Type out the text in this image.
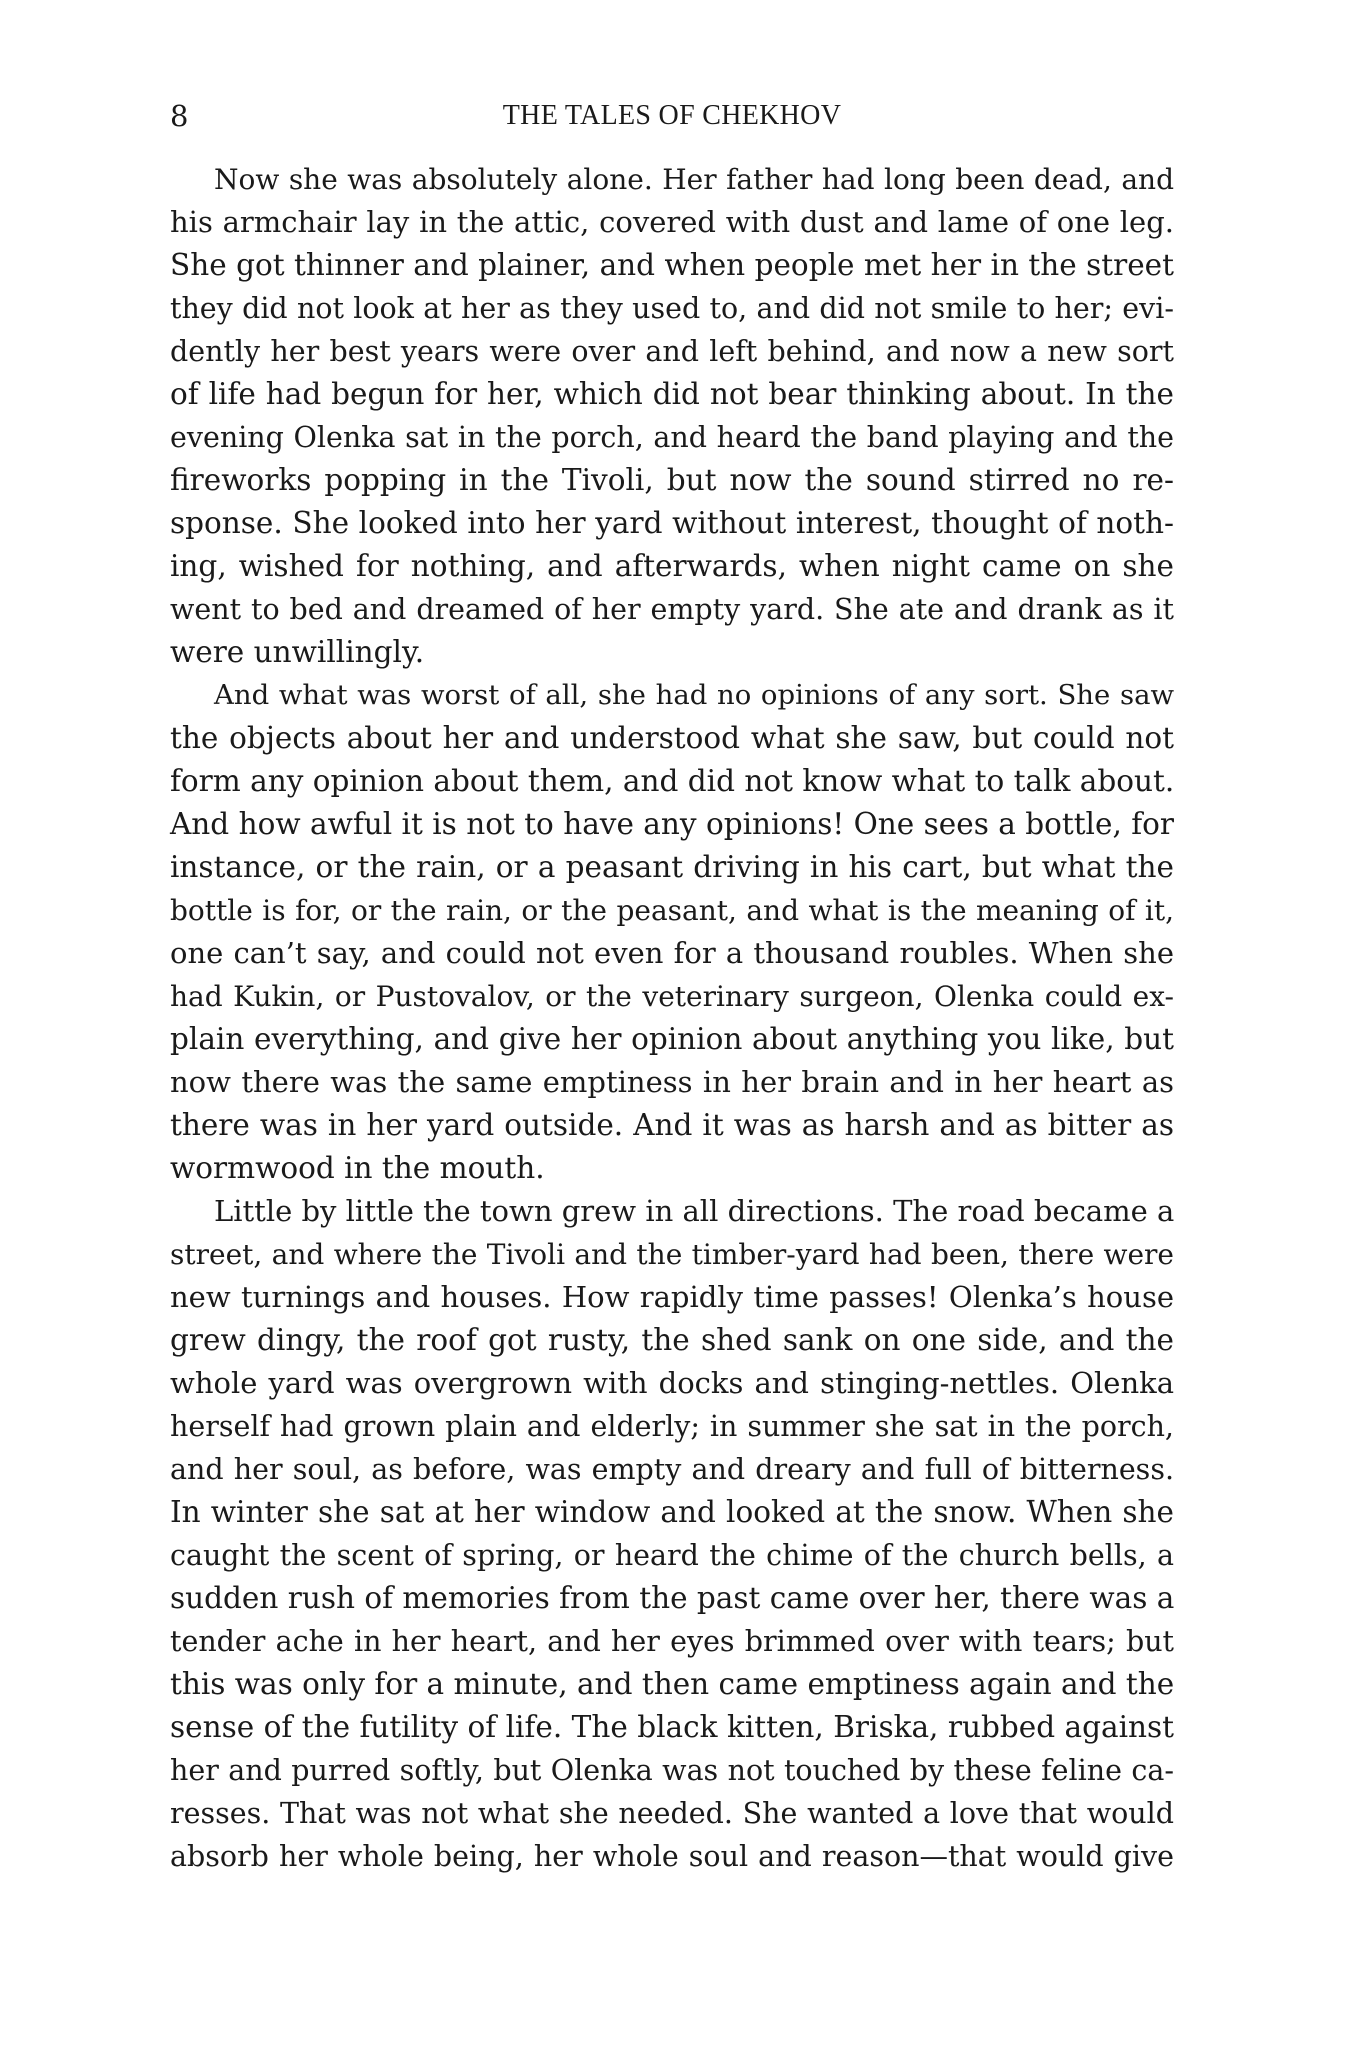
8	THE TALES OF CHEKHOV
Now she was absolutely alone. Her father had long been dead, and
his armchair lay in the attic, covered with dust and lame of one leg.
She got thinner and plainer, and when people met her in the street
they did not look at her as they used to, and did not smile to her; evi-
dently her best years were over and left behind, and now a new sort
of life had begun for her, which did not bear thinking about. In the
evening Olenka sat in the porch, and heard the band playing and the
fireworks popping in the Tivoli, but now the sound stirred no re-
sponse. She looked into her yard without interest, thought of noth-
ing, wished for nothing, and afterwards, when night came on she
went to bed and dreamed of her empty yard. She ate and drank as it
were unwillingly.
And what was worst of all, she had no opinions of any sort. She saw
the objects about her and understood what she saw, but could not
form any opinion about them, and did not know what to talk about.
And how awful it is not to have any opinions! One sees a bottle, for
instance, or the rain, or a peasant driving in his cart, but what the
bottle is for, or the rain, or the peasant, and what is the meaning of it,
one can’t say, and could not even for a thousand roubles. When she
had Kukin, or Pustovalov, or the veterinary surgeon, Olenka could ex-
plain everything, and give her opinion about anything you like, but
now there was the same emptiness in her brain and in her heart as
there was in her yard outside. And it was as harsh and as bitter as
wormwood in the mouth.
Little by little the town grew in all directions. The road became a
street, and where the Tivoli and the timber-yard had been, there were
new turnings and houses. How rapidly time passes! Olenka’s house
grew dingy, the roof got rusty, the shed sank on one side, and the
whole yard was overgrown with docks and stinging-nettles. Olenka
herself had grown plain and elderly; in summer she sat in the porch,
and her soul, as before, was empty and dreary and full of bitterness.
In winter she sat at her window and looked at the snow. When she
caught the scent of spring, or heard the chime of the church bells, a
sudden rush of memories from the past came over her, there was a
tender ache in her heart, and her eyes brimmed over with tears; but
this was only for a minute, and then came emptiness again and the
sense of the futility of life. The black kitten, Briska, rubbed against
her and purred softly, but Olenka was not touched by these feline ca-
resses. That was not what she needed. She wanted a love that would
absorb her whole being, her whole soul and reason—that would give
